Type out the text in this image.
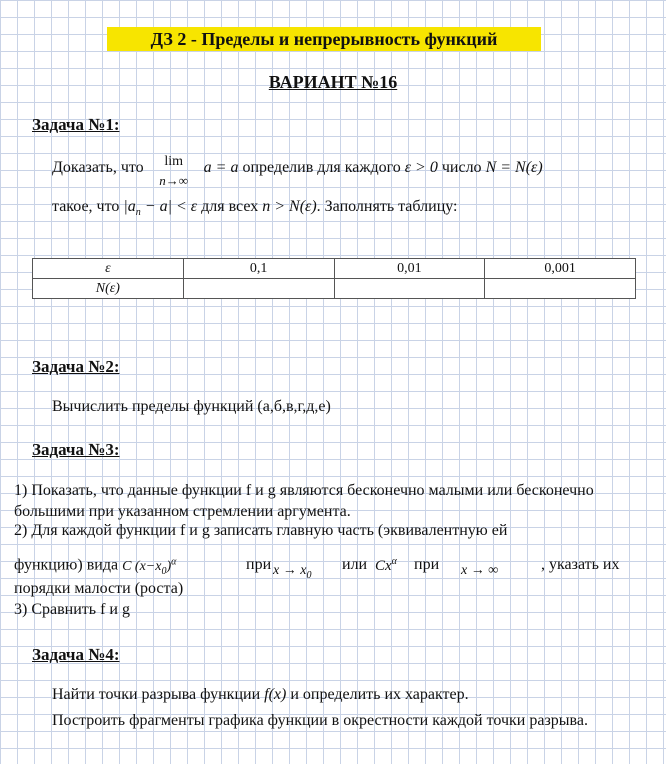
ДЗ 2 - Пределы и непрерывность функций
ВАРИАНТ №16
Задача №1:
Доказать, что	lim
n→∞
a = a определив для каждого ε > 0 число N = N(ε)
такое, что $|a_n - a| < \varepsilon$ для всех n > N(ε). Заполнять таблицу:
ε	0,1	0,01	0,001
N(ε)			
Задача №2:
Вычислить пределы функций (а,б,в,г,д,е)
Задача №3:
1) Показать, что данные функции f и g являются бесконечно малыми или бесконечно большими при указанном стремлении аргумента.
2) Для каждой функции f и g записать главную часть (эквивалентную ей
функцию) вида C $(x-x_0)^\alpha$	при $x \to x_0$
или $Cx^\alpha$ при x → ∞	, указать их
порядки малости (роста)
3) Сравнить f и g
Задача №4:
Найти точки разрыва функции f(x) и определить их характер.
Построить фрагменты графика функции в окрестности каждой точки разрыва.
